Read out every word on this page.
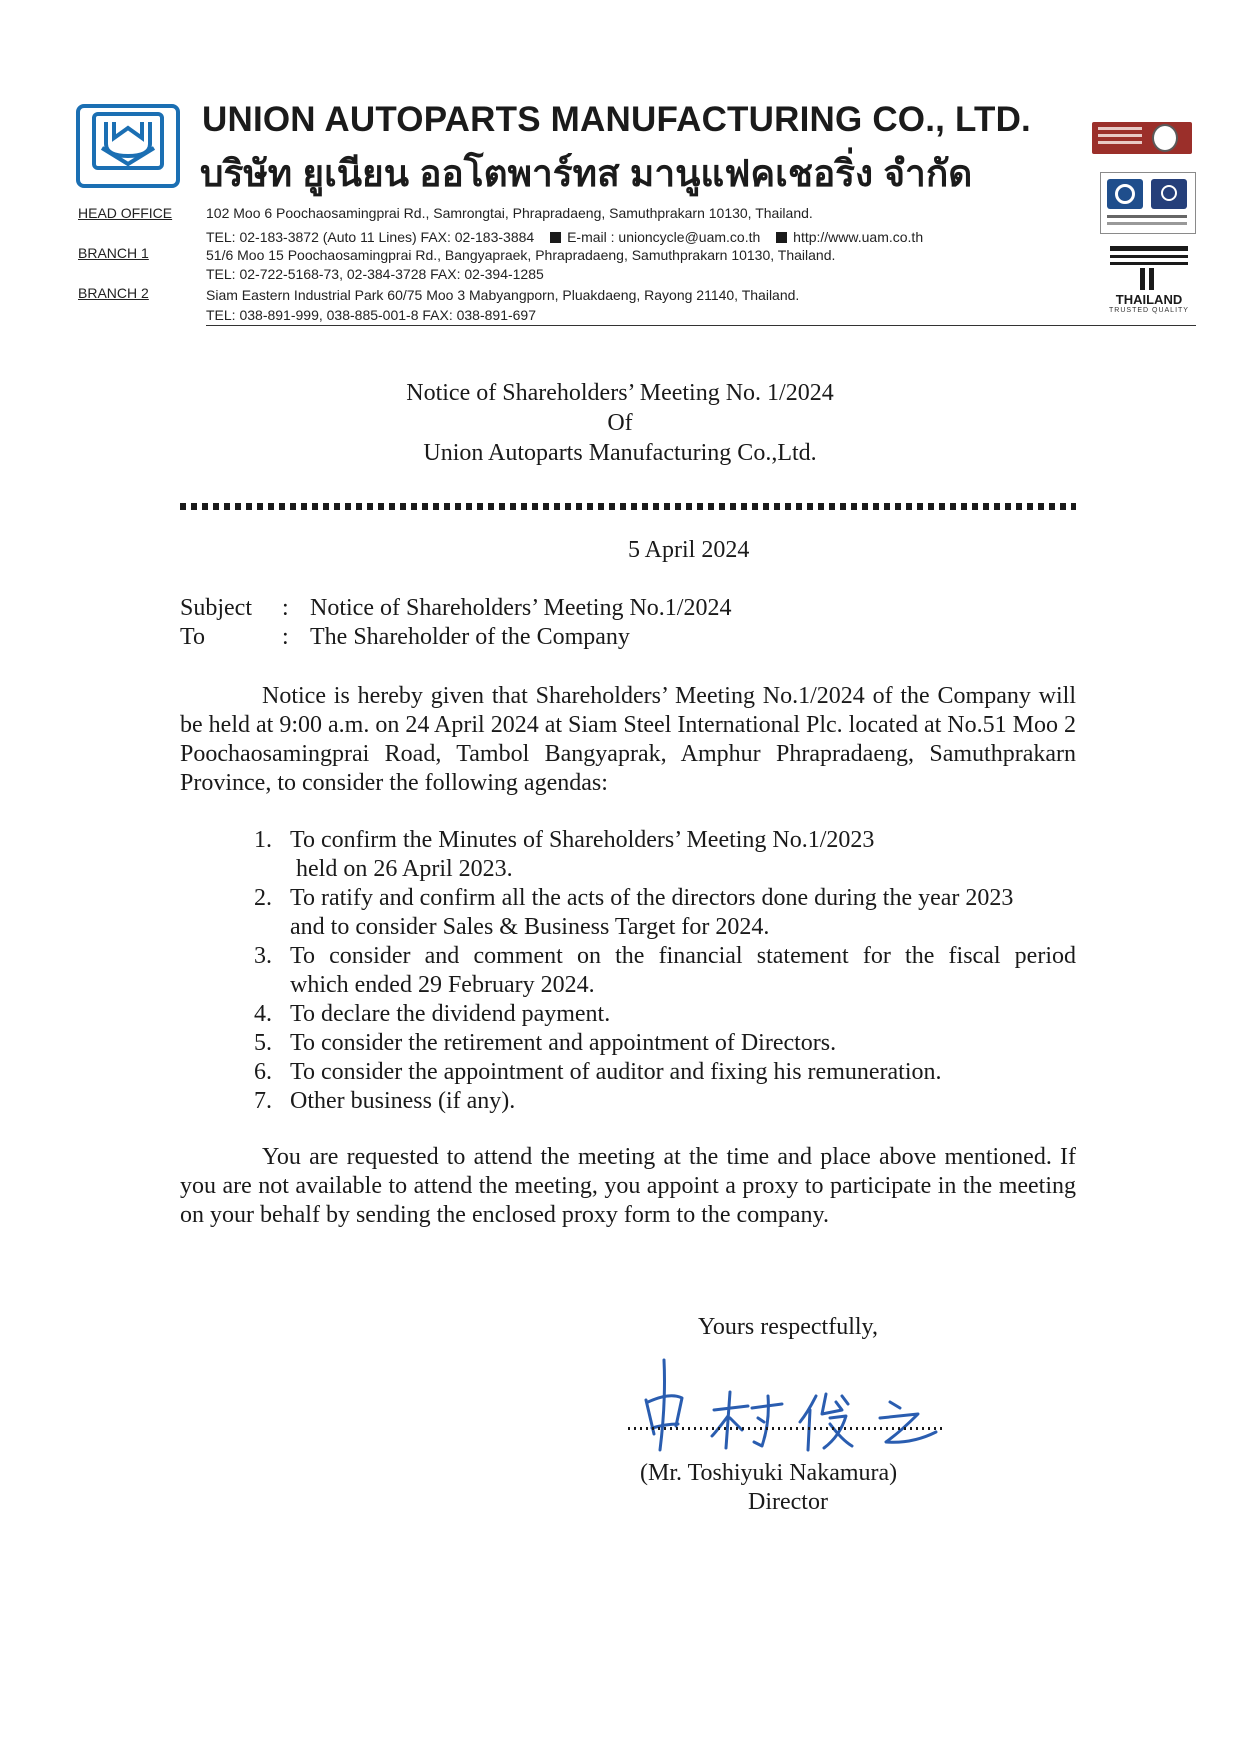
UNION AUTOPARTS MANUFACTURING CO., LTD.
บริษัท ยูเนียน ออโตพาร์ทส มานูแฟคเชอริ่ง จำกัด
HEAD OFFICE 102 Moo 6 Poochaosamingprai Rd., Samrongtai, Phrapradaeng, Samuthprakarn 10130, Thailand.
TEL: 02-183-3872 (Auto 11 Lines) FAX: 02-183-3884 E-mail : unioncycle@uam.co.th http://www.uam.co.th
BRANCH 1	51/6 Moo 15 Poochaosamingprai Rd., Bangyapraek, Phrapradaeng, Samuthprakarn 10130, Thailand.
TEL: 02-722-5168-73, 02-384-3728 FAX: 02-394-1285
BRANCH 2	Siam Eastern Industrial Park 60/75 Moo 3 Mabyangporn, Pluakdaeng, Rayong 21140, Thailand.
TEL: 038-891-999, 038-885-001-8 FAX: 038-891-697
THAILAND
TRUSTED QUALITY
Notice of Shareholders’ Meeting No. 1/2024
Of
Union Autoparts Manufacturing Co.,Ltd.
5 April 2024
Subject : Notice of Shareholders’ Meeting No.1/2024
To	: The Shareholder of the Company
Notice is hereby given that Shareholders’ Meeting No.1/2024 of the Company will be held at 9:00 a.m. on 24 April 2024 at Siam Steel International Plc. located at No.51 Moo 2 Poochaosamingprai Road, Tambol Bangyaprak, Amphur Phrapradaeng, Samuthprakarn Province, to consider the following agendas:
1. To confirm the Minutes of Shareholders’ Meeting No.1/2023
held on 26 April 2023.
2. To ratify and confirm all the acts of the directors done during the year 2023
and to consider Sales & Business Target for 2024.
3. To consider and comment on the financial statement for the fiscal period
which ended 29 February 2024.
4. To declare the dividend payment.
5. To consider the retirement and appointment of Directors.
6. To consider the appointment of auditor and fixing his remuneration.
7. Other business (if any).
You are requested to attend the meeting at the time and place above mentioned. If you are not available to attend the meeting, you appoint a proxy to participate in the meeting on your behalf by sending the enclosed proxy form to the company.
Yours respectfully,
(Mr. Toshiyuki Nakamura)
Director
